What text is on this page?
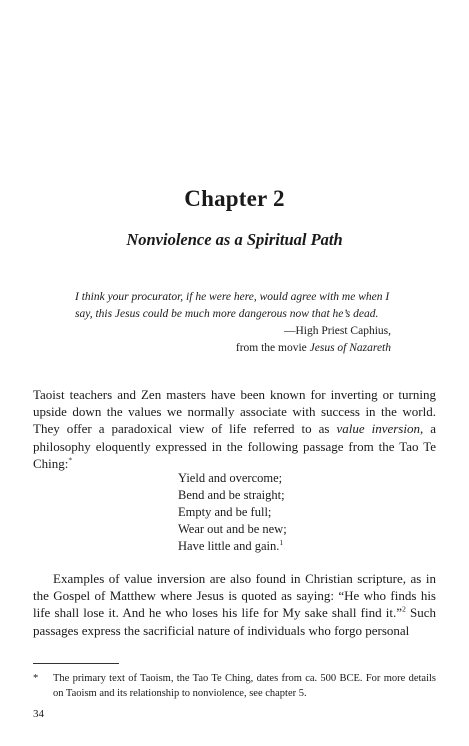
Chapter 2
Nonviolence as a Spiritual Path

I think your procurator, if he were here, would agree with me when I say, this Jesus could be much more dangerous now that he’s dead.

—High Priest Caphius,

from the movie Jesus of Nazareth

Taoist teachers and Zen masters have been known for inverting or turning upside down the values we normally associate with success in the world. They offer a paradoxical view of life referred to as value inversion, a philosophy eloquently expressed in the following passage from the Tao Te Ching:*

Yield and overcome;
Bend and be straight;
Empty and be full;
Wear out and be new;
Have little and gain.$^1$

Examples of value inversion are also found in Christian scripture, as in the Gospel of Matthew where Jesus is quoted as saying: “He who finds his life shall lose it. And he who loses his life for My sake shall find it.”$^2$ Such passages express the sacrificial nature of individuals who forgo personal

*	The primary text of Taoism, the Tao Te Ching, dates from ca. 500 BCE. For more details on Taoism and its relationship to nonviolence, see chapter 5.
34
